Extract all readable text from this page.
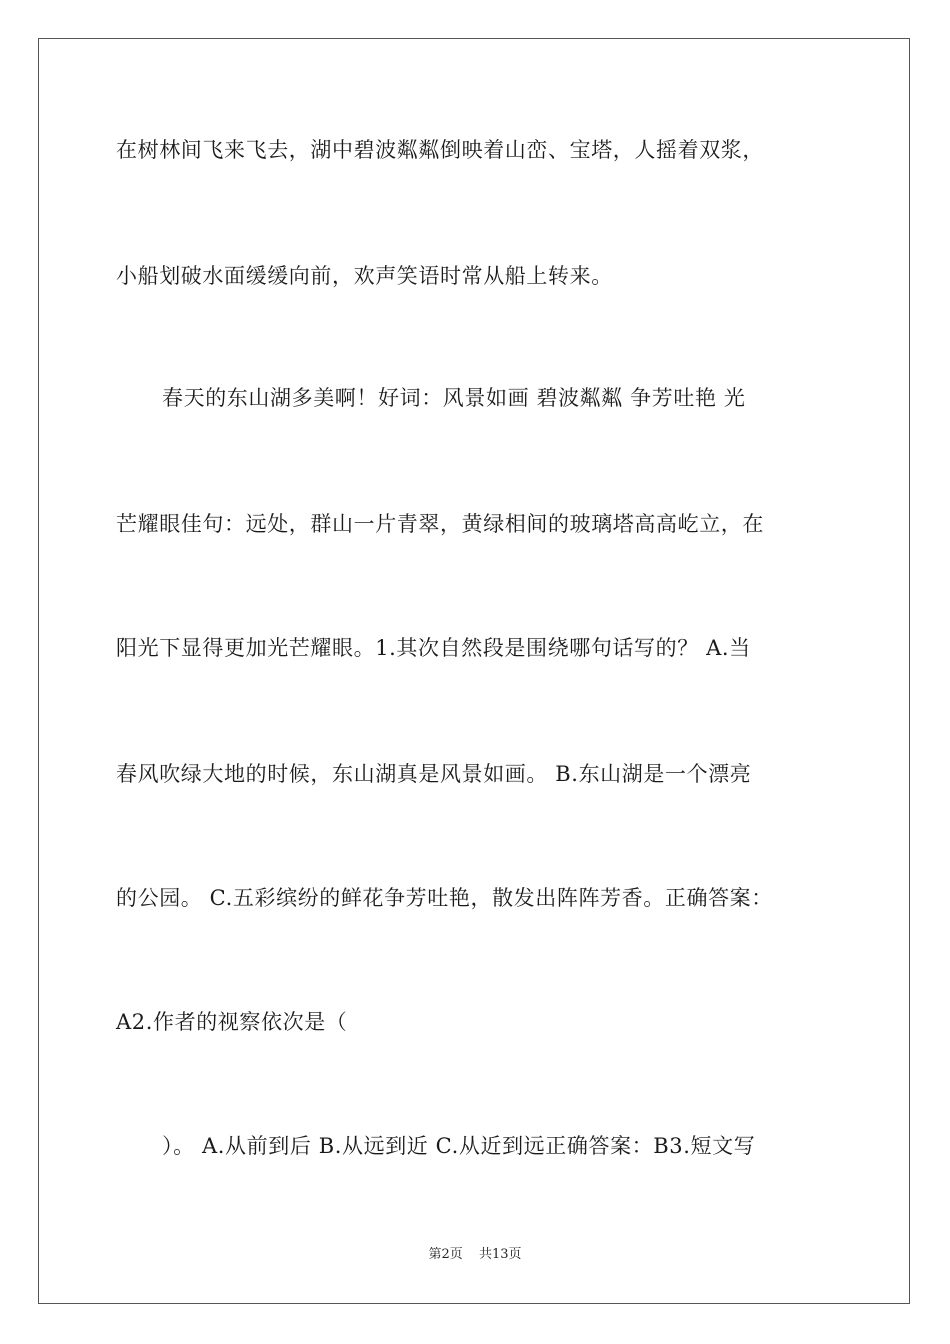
在树林间飞来飞去，湖中碧波粼粼倒映着山峦、宝塔，人摇着双浆，
小船划破水面缓缓向前，欢声笑语时常从船上转来。
春天的东山湖多美啊！好词：风景如画 碧波粼粼 争芳吐艳 光
芒耀眼佳句：远处，群山一片青翠，黄绿相间的玻璃塔高高屹立，在
阳光下显得更加光芒耀眼。1.其次自然段是围绕哪句话写的？ A.当
春风吹绿大地的时候，东山湖真是风景如画。 B.东山湖是一个漂亮
的公园。 C.五彩缤纷的鲜花争芳吐艳，散发出阵阵芳香。正确答案：
A2.作者的视察依次是（
）。 A.从前到后 B.从远到近 C.从近到远正确答案：B3.短文写
第2页 共13页
